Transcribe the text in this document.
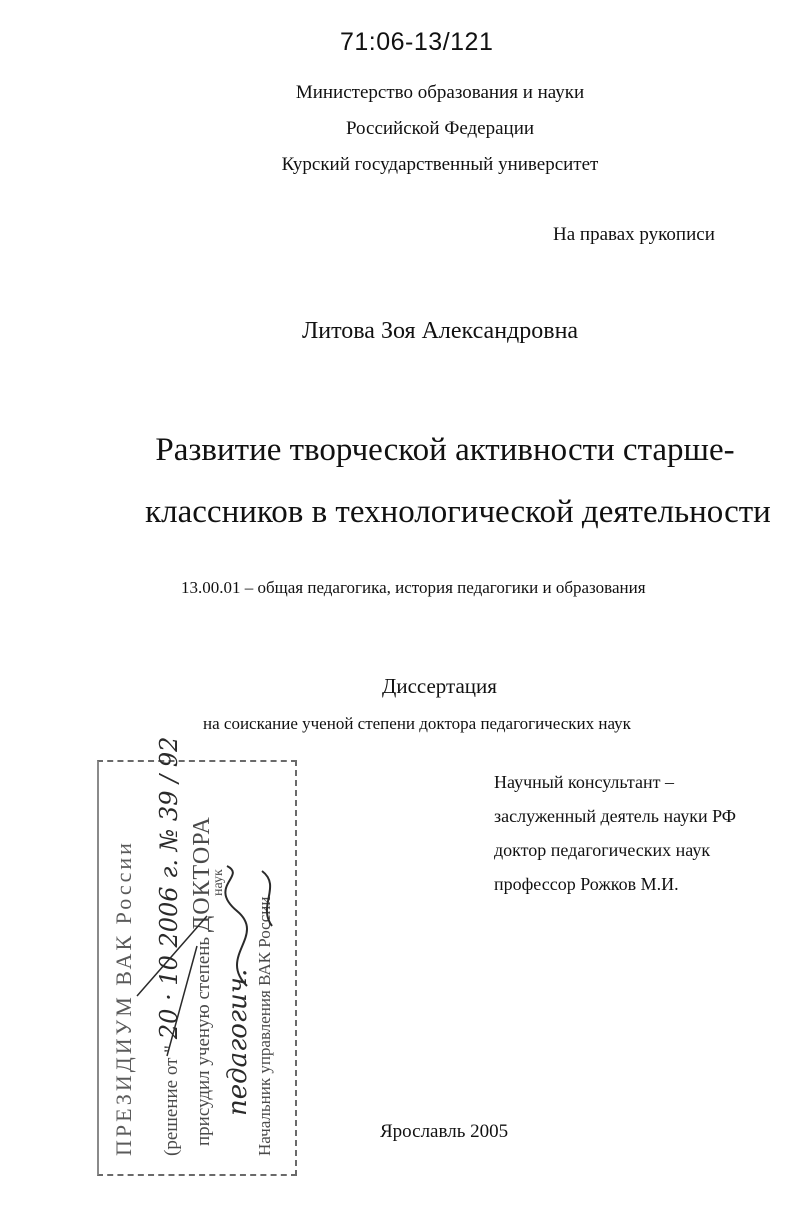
71:06-13/121
Министерство образования и науки
Российской Федерации
Курский государственный университет
На правах рукописи
Литова Зоя Александровна
Развитие творческой активности старше-
классников в технологической деятельности
13.00.01 – общая педагогика, история педагогики и образования
Диссертация
на соискание ученой степени доктора педагогических наук
Научный консультант –
заслуженный деятель науки РФ
доктор педагогических наук
профессор Рожков М.И.
ПРЕЗИДИУМ ВАК России	(решение от "20 · 10 2006 г. № 39 / 92
присудил ученую степень ДОКТОРА
педагогич.
наук
Начальник управления ВАК России	Ярославль 2005
